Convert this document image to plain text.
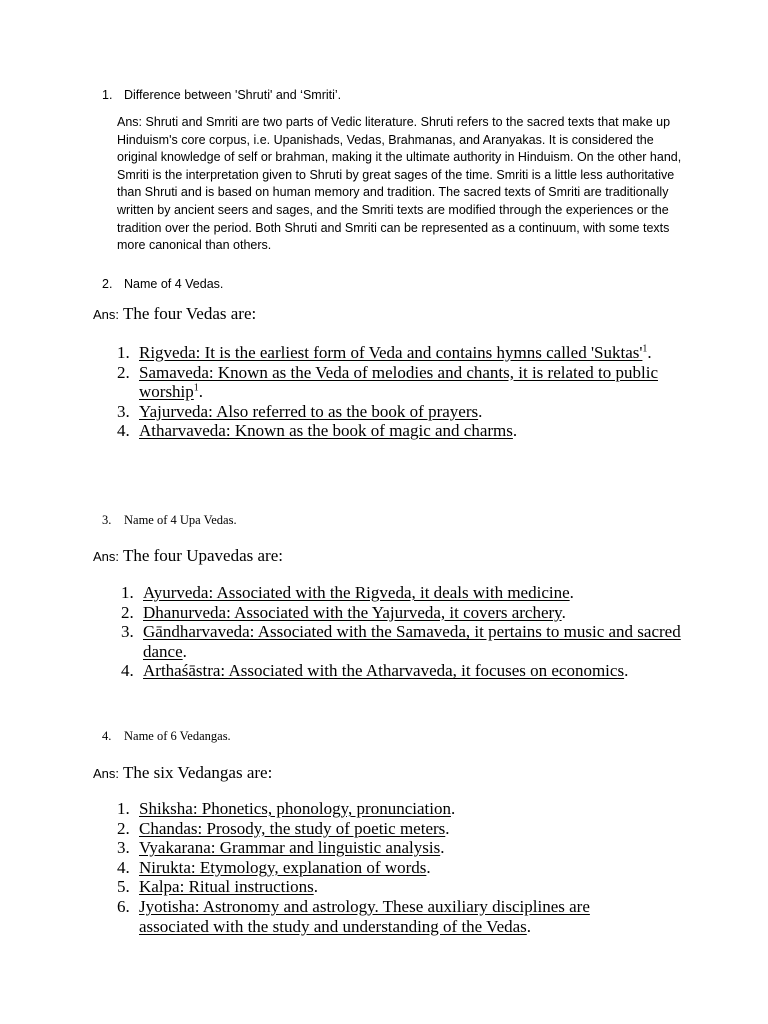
1. Difference between 'Shruti' and ‘Smriti’.
Ans: Shruti and Smriti are two parts of Vedic literature. Shruti refers to the sacred texts that make up Hinduism's core corpus, i.e. Upanishads, Vedas, Brahmanas, and Aranyakas. It is considered the original knowledge of self or brahman, making it the ultimate authority in Hinduism. On the other hand, Smriti is the interpretation given to Shruti by great sages of the time. Smriti is a little less authoritative than Shruti and is based on human memory and tradition. The sacred texts of Smriti are traditionally written by ancient seers and sages, and the Smriti texts are modified through the experiences or the tradition over the period. Both Shruti and Smriti can be represented as a continuum, with some texts more canonical than others.
2. Name of 4 Vedas.
Ans: The four Vedas are:
1. Rigveda: It is the earliest form of Veda and contains hymns called '$Suktas'^1$.
2. Samaveda: Known as the Veda of melodies and chants, it is related to public worship$^1$.
3. Yajurveda: Also referred to as the book of prayers.
4. Atharvaveda: Known as the book of magic and charms.
3. Name of 4 Upa Vedas.
Ans: The four Upavedas are:
1. Ayurveda: Associated with the Rigveda, it deals with medicine.
2. Dhanurveda: Associated with the Yajurveda, it covers archery.
3. Gāndharvaveda: Associated with the Samaveda, it pertains to music and sacred dance.
4. Arthaśāstra: Associated with the Atharvaveda, it focuses on economics.
4. Name of 6 Vedangas.
Ans: The six Vedangas are:
1. Shiksha: Phonetics, phonology, pronunciation.
2. Chandas: Prosody, the study of poetic meters.
3. Vyakarana: Grammar and linguistic analysis.
4. Nirukta: Etymology, explanation of words.
5. Kalpa: Ritual instructions.
6. Jyotisha: Astronomy and astrology. These auxiliary disciplines are associated with the study and understanding of the Vedas.
